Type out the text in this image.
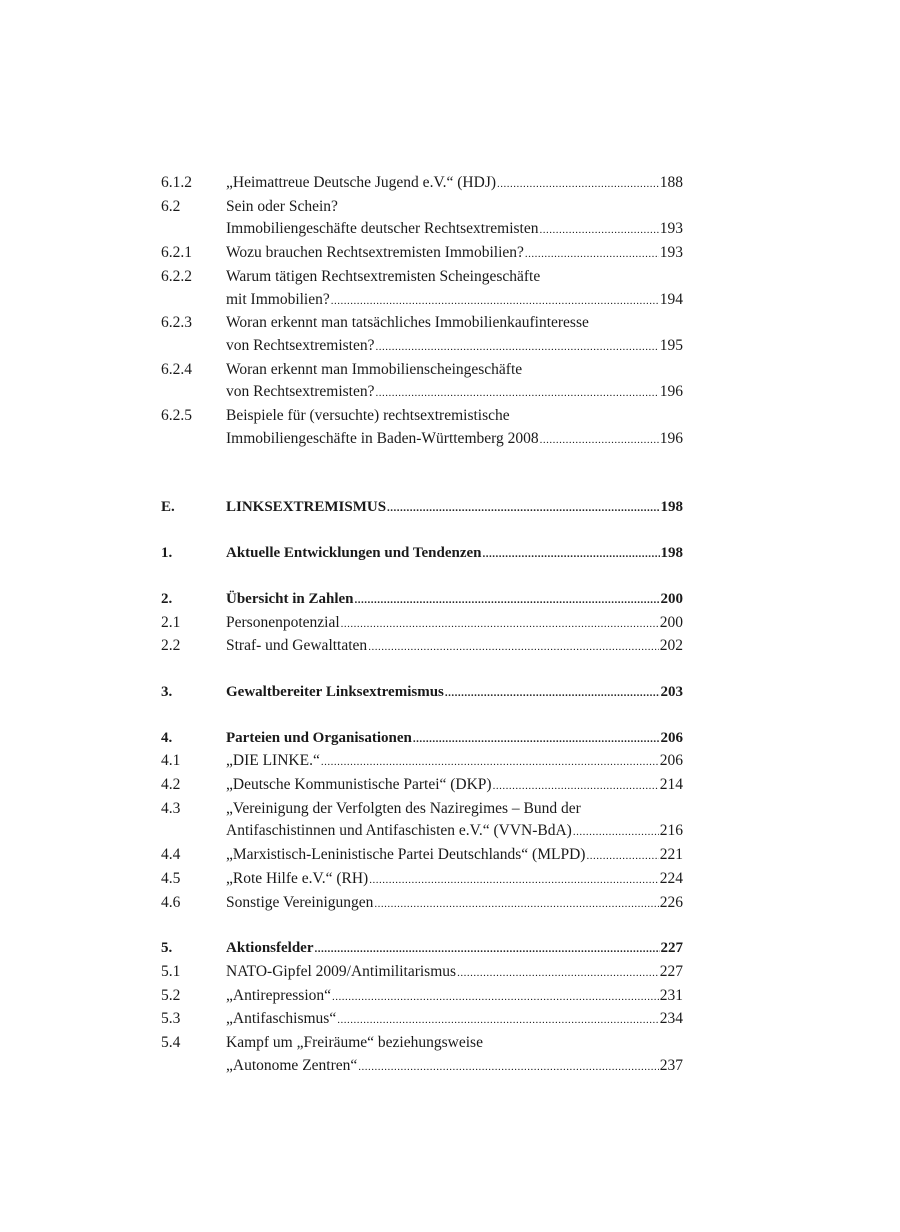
6.1.2	„Heimattreue Deutsche Jugend e.V.“ (HDJ) .....	188
6.2	Sein oder Schein?
Immobiliengeschäfte deutscher Rechtsextremisten .....	193
6.2.1	Wozu brauchen Rechtsextremisten Immobilien? .....	193
6.2.2	Warum tätigen Rechtsextremisten Scheingeschäfte
mit Immobilien? .....	194
6.2.3	Woran erkennt man tatsächliches Immobilienkaufinteresse
von Rechtsextremisten? .....	195
6.2.4	Woran erkennt man Immobilienscheingeschäfte
von Rechtsextremisten? .....	196
6.2.5	Beispiele für (versuchte) rechtsextremistische
Immobiliengeschäfte in Baden-Württemberg 2008 .....	196
E.	LINKSEXTREMISMUS .....	198
1.	Aktuelle Entwicklungen und Tendenzen .....	198
2.	Übersicht in Zahlen .....	200
2.1	Personenpotenzial .....	200
2.2	Straf- und Gewalttaten .....	202
3.	Gewaltbereiter Linksextremismus .....	203
4.	Parteien und Organisationen .....	206
4.1	„DIE LINKE.“ .....	206
4.2	„Deutsche Kommunistische Partei“ (DKP) .....	214
4.3	„Vereinigung der Verfolgten des Naziregimes – Bund der
Antifaschistinnen und Antifaschisten e.V.“ (VVN-BdA) .....	216
4.4	„Marxistisch-Leninistische Partei Deutschlands“ (MLPD) .....	221
4.5	„Rote Hilfe e.V.“ (RH) .....	224
4.6	Sonstige Vereinigungen .....	226
5.	Aktionsfelder .....	227
5.1	NATO-Gipfel 2009/Antimilitarismus .....	227
5.2	„Antirepression“ .....	231
5.3	„Antifaschismus“ .....	234
5.4	Kampf um „Freiräume“ beziehungsweise
„Autonome Zentren“ .....	237
